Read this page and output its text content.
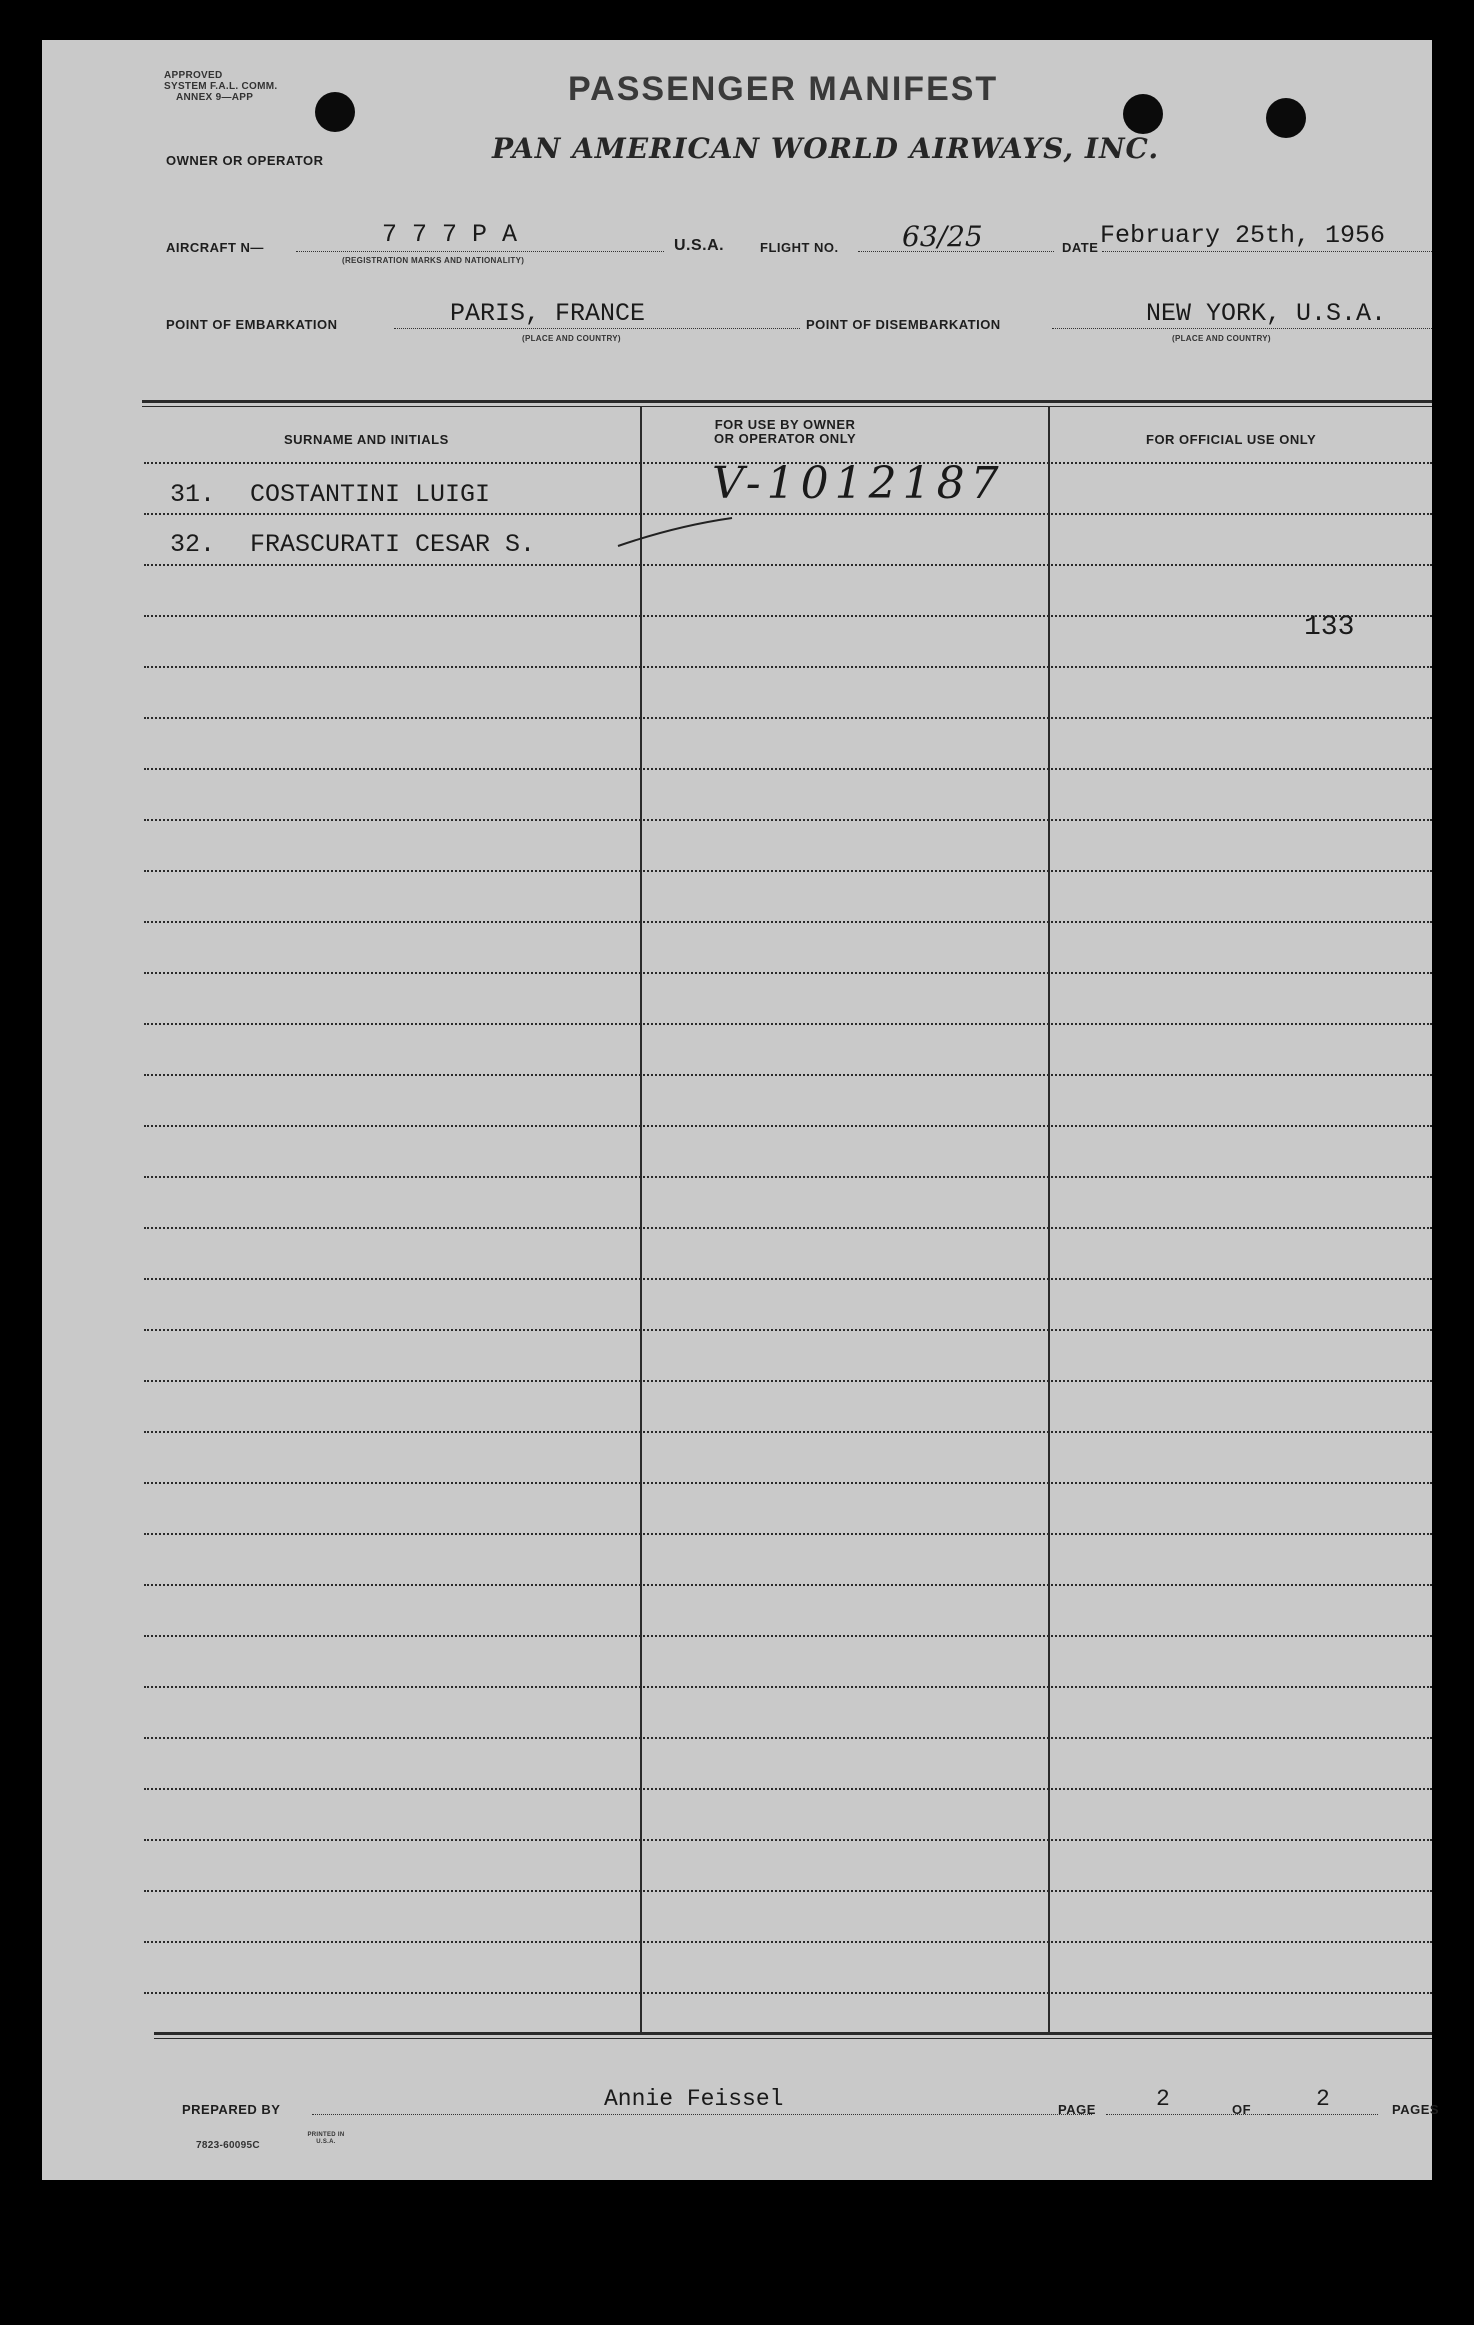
APPROVED
SYSTEM F.A.L. COMM.
ANNEX 9—APP
OWNER OR OPERATOR
PASSENGER MANIFEST
PAN AMERICAN WORLD AIRWAYS, INC.
AIRCRAFT N—	7 7 7 P A
(REGISTRATION MARKS AND NATIONALITY)
U.S.A.	FLIGHT NO. 63/25	DATE February 25th, 1956
POINT OF EMBARKATION	PARIS, FRANCE
(PLACE AND COUNTRY)
POINT OF DISEMBARKATION	NEW YORK, U.S.A.
(PLACE AND COUNTRY)
SURNAME AND INITIALS
FOR USE BY OWNER
OR OPERATOR ONLY	FOR OFFICIAL USE ONLY
31. COSTANTINI LUIGI	V-1012187
32. FRASCURATI CESAR S.
133
PREPARED BY	Annie Feissel	PAGE	2	OF	2	PAGES
7823-60095C
PRINTED IN U.S.A.
